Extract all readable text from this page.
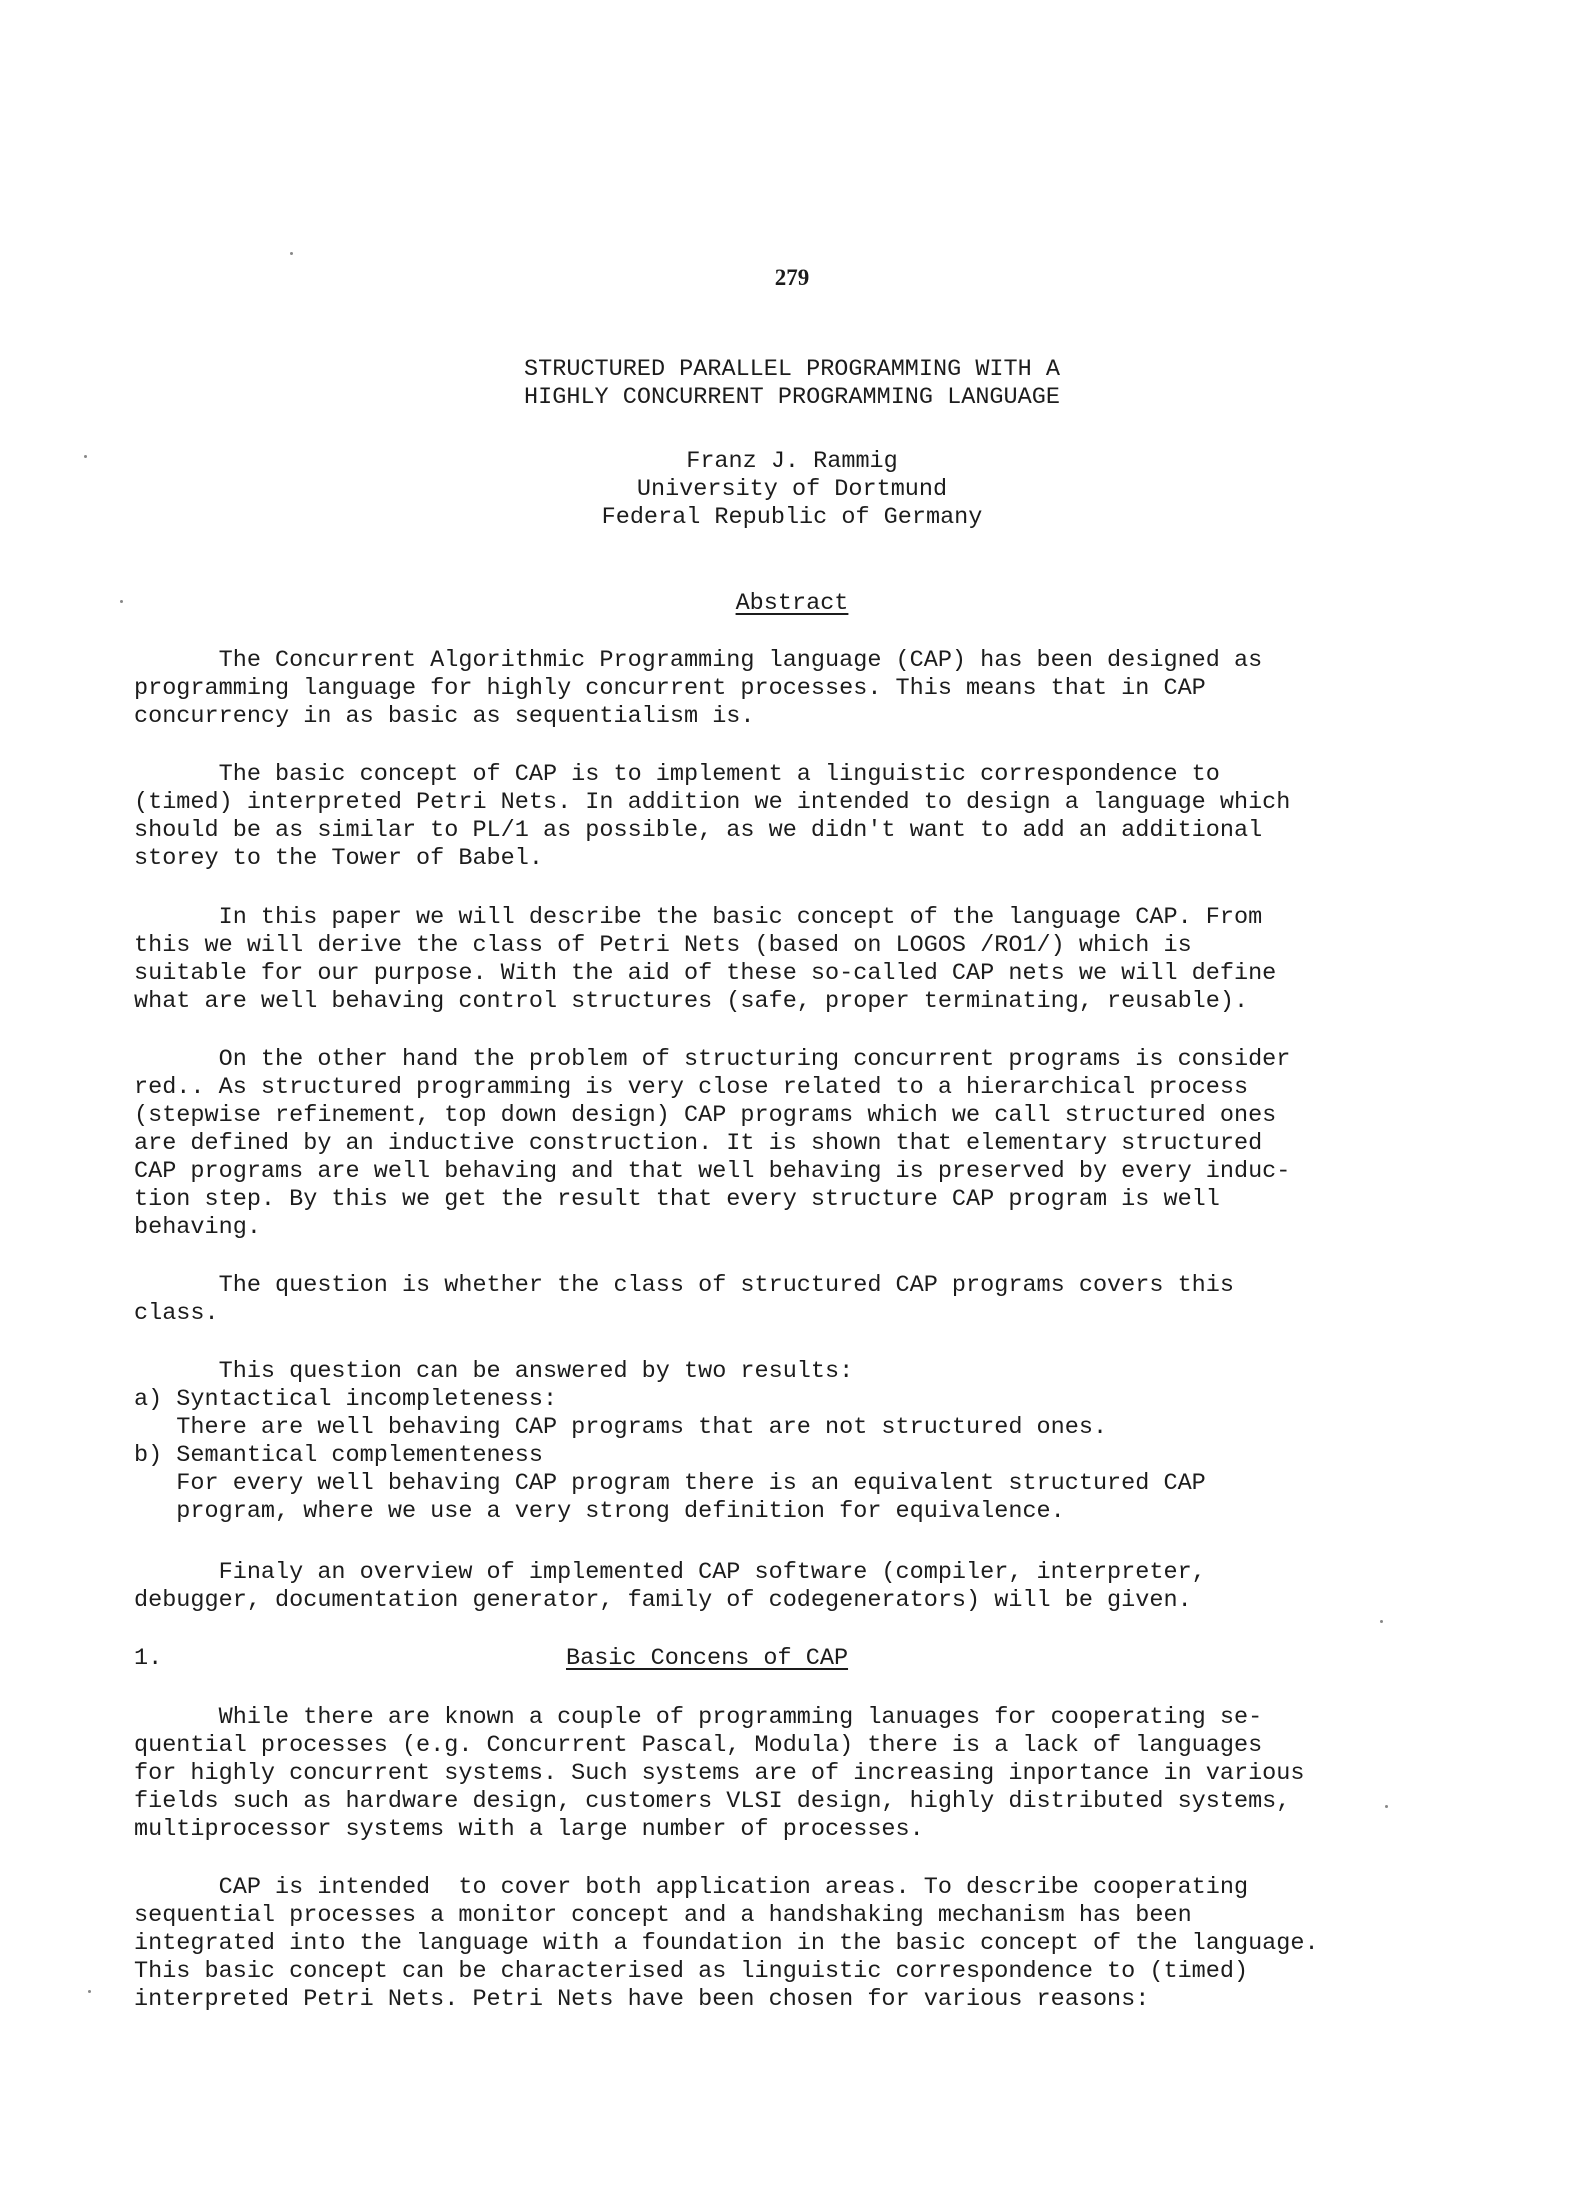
279
STRUCTURED PARALLEL PROGRAMMING WITH A
HIGHLY CONCURRENT PROGRAMMING LANGUAGE
Franz J. Rammig
University of Dortmund
Federal Republic of Germany
Abstract
The Concurrent Algorithmic Programming language (CAP) has been designed as
programming language for highly concurrent processes. This means that in CAP
concurrency in as basic as sequentialism is.
The basic concept of CAP is to implement a linguistic correspondence to
(timed) interpreted Petri Nets. In addition we intended to design a language which
should be as similar to PL/1 as possible, as we didn't want to add an additional
storey to the Tower of Babel.
In this paper we will describe the basic concept of the language CAP. From
this we will derive the class of Petri Nets (based on LOGOS /RO1/) which is
suitable for our purpose. With the aid of these so-called CAP nets we will define
what are well behaving control structures (safe, proper terminating, reusable).
On the other hand the problem of structuring concurrent programs is consider
red.. As structured programming is very close related to a hierarchical process
(stepwise refinement, top down design) CAP programs which we call structured ones
are defined by an inductive construction. It is shown that elementary structured
CAP programs are well behaving and that well behaving is preserved by every induc-
tion step. By this we get the result that every structure CAP program is well
behaving.
The question is whether the class of structured CAP programs covers this
class.
This question can be answered by two results:
a) Syntactical incompleteness:
There are well behaving CAP programs that are not structured ones.
b) Semantical complementeness
For every well behaving CAP program there is an equivalent structured CAP
program, where we use a very strong definition for equivalence.
Finaly an overview of implemented CAP software (compiler, interpreter,
debugger, documentation generator, family of codegenerators) will be given.
1.	Basic Concens of CAP
While there are known a couple of programming lanuages for cooperating se-
quential processes (e.g. Concurrent Pascal, Modula) there is a lack of languages
for highly concurrent systems. Such systems are of increasing inportance in various
fields such as hardware design, customers VLSI design, highly distributed systems,
multiprocessor systems with a large number of processes.
CAP is intended  to cover both application areas. To describe cooperating
sequential processes a monitor concept and a handshaking mechanism has been
integrated into the language with a foundation in the basic concept of the language.
This basic concept can be characterised as linguistic correspondence to (timed)
interpreted Petri Nets. Petri Nets have been chosen for various reasons:
